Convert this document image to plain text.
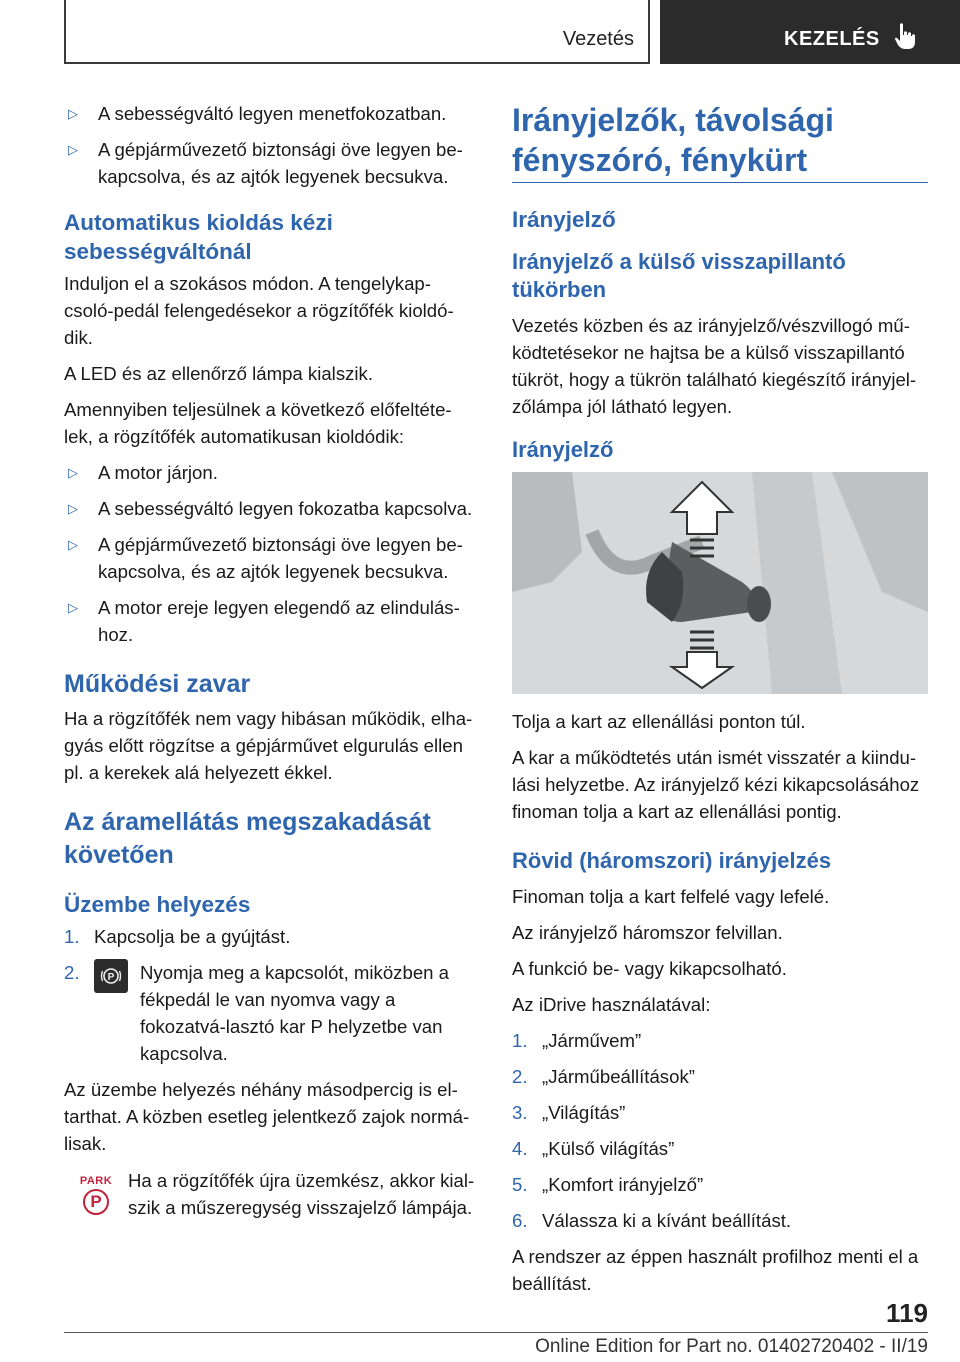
Vezetés	KEZELÉS
▷	A sebességváltó legyen menetfokozatban.
▷	A gépjárművezető biztonsági öve legyen be-kapcsolva, és az ajtók legyenek becsukva.
Automatikus kioldás kézi sebességváltónál

Induljon el a szokásos módon. A tengelykap-csoló-pedál felengedésekor a rögzítőfék kioldó-dik.

A LED és az ellenőrző lámpa kialszik.

Amennyiben teljesülnek a következő előfeltéte-lek, a rögzítőfék automatikusan kioldódik:

▷	A motor járjon.
▷	A sebességváltó legyen fokozatba kapcsolva.
▷	A gépjárművezető biztonsági öve legyen be-kapcsolva, és az ajtók legyenek becsukva.
▷	A motor ereje legyen elegendő az elindulás-hoz.
Működési zavar

Ha a rögzítőfék nem vagy hibásan működik, elha-gyás előtt rögzítse a gépjárművet elgurulás ellen pl. a kerekek alá helyezett ékkel.

Az áramellátás megszakadását követően
Üzembe helyezés
1. Kapcsolja be a gyújtást.
2.	P Nyomja meg a kapcsolót, miközben a fékpedál le van nyomva vagy a fokozatvá-lasztó kar P helyzetbe van kapcsolva.

Az üzembe helyezés néhány másodpercig is el-tarthat. A közben esetleg jelentkező zajok normá-lisak.

PARK
P

Ha a rögzítőfék újra üzemkész, akkor kial-szik a műszeregység visszajelző lámpája.

Irányjelzők, távolsági fényszóró, fénykürt
Irányjelző
Irányjelző a külső visszapillantó tükörben

Vezetés közben és az irányjelző/vészvillogó mű-ködtetésekor ne hajtsa be a külső visszapillantó tükröt, hogy a tükrön található kiegészítő irányjel-zőlámpa jól látható legyen.

Irányjelző

Tolja a kart az ellenállási ponton túl.

A kar a működtetés után ismét visszatér a kiindu-lási helyzetbe. Az irányjelző kézi kikapcsolásához finoman tolja a kart az ellenállási pontig.

Rövid (háromszori) irányjelzés

Finoman tolja a kart felfelé vagy lefelé.

Az irányjelző háromszor felvillan.

A funkció be- vagy kikapcsolható.

Az iDrive használatával:

1. „Járművem”
2. „Járműbeállítások”
3. „Világítás”
4. „Külső világítás”
5. „Komfort irányjelző”
6. Válassza ki a kívánt beállítást.

A rendszer az éppen használt profilhoz menti el a beállítást.

119
Online Edition for Part no. 01402720402 - II/19
